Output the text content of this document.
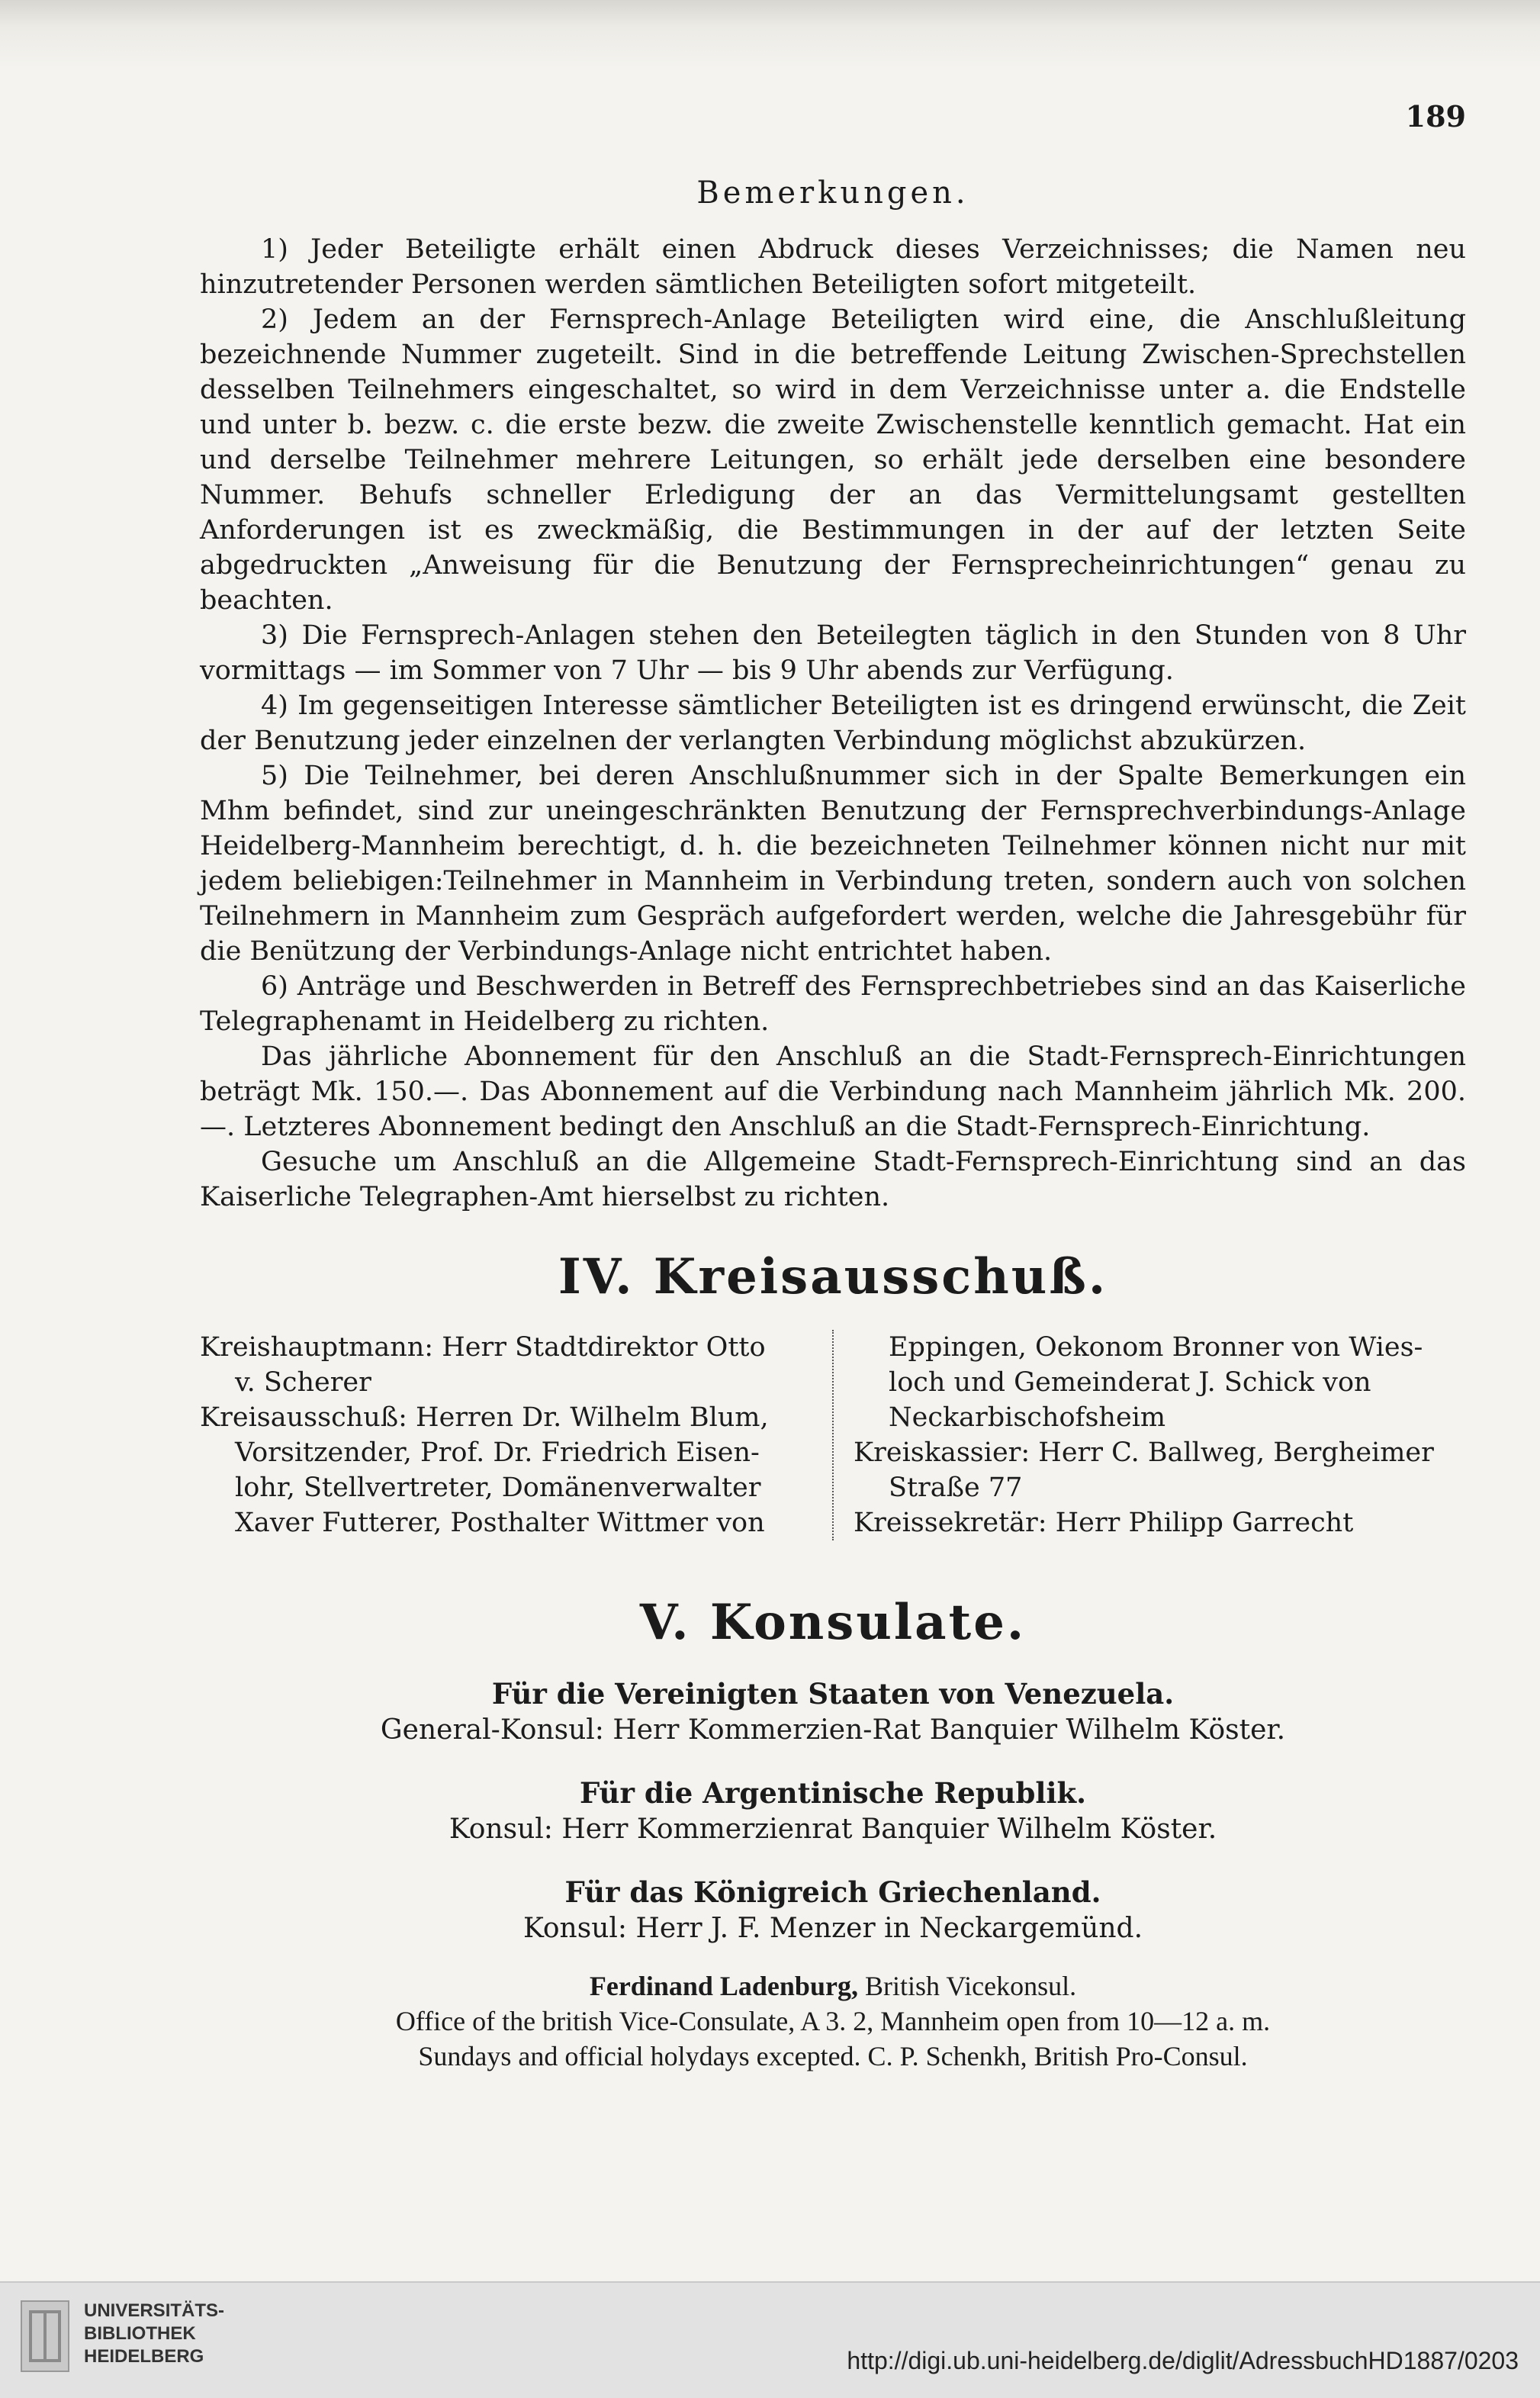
189
Bemerkungen.

1) Jeder Beteiligte erhält einen Abdruck dieses Verzeichnisses; die Namen neu hinzutretender Personen werden sämtlichen Beteiligten sofort mitgeteilt.

2) Jedem an der Fernsprech-Anlage Beteiligten wird eine, die Anschlußleitung bezeichnende Nummer zugeteilt. Sind in die betreffende Leitung Zwischen-Sprechstellen desselben Teilnehmers eingeschaltet, so wird in dem Verzeichnisse unter a. die Endstelle und unter b. bezw. c. die erste bezw. die zweite Zwischenstelle kenntlich gemacht. Hat ein und derselbe Teilnehmer mehrere Leitungen, so erhält jede derselben eine besondere Nummer. Behufs schneller Erledigung der an das Vermittelungsamt gestellten Anforderungen ist es zweckmäßig, die Bestimmungen in der auf der letzten Seite abgedruckten „Anweisung für die Benutzung der Fernsprecheinrichtungen“ genau zu beachten.

3) Die Fernsprech-Anlagen stehen den Beteilegten täglich in den Stunden von 8 Uhr vormittags — im Sommer von 7 Uhr — bis 9 Uhr abends zur Verfügung.

4) Im gegenseitigen Interesse sämtlicher Beteiligten ist es dringend erwünscht, die Zeit der Benutzung jeder einzelnen der verlangten Verbindung möglichst abzukürzen.

5) Die Teilnehmer, bei deren Anschlußnummer sich in der Spalte Bemerkungen ein Mhm befindet, sind zur uneingeschränkten Benutzung der Fernsprechverbindungs-Anlage Heidelberg-Mannheim berechtigt, d. h. die bezeichneten Teilnehmer können nicht nur mit jedem beliebigen:Teilnehmer in Mannheim in Verbindung treten, sondern auch von solchen Teilnehmern in Mannheim zum Gespräch aufgefordert werden, welche die Jahresgebühr für die Benützung der Verbindungs-Anlage nicht entrichtet haben.

6) Anträge und Beschwerden in Betreff des Fernsprechbetriebes sind an das Kaiserliche Telegraphenamt in Heidelberg zu richten.

Das jährliche Abonnement für den Anschluß an die Stadt-Fernsprech-Einrichtungen beträgt Mk. 150.—. Das Abonnement auf die Verbindung nach Mannheim jährlich Mk. 200.—. Letzteres Abonnement bedingt den Anschluß an die Stadt-Fernsprech-Einrichtung.

Gesuche um Anschluß an die Allgemeine Stadt-Fernsprech-Einrichtung sind an das Kaiserliche Telegraphen-Amt hierselbst zu richten.

IV. Kreisausschuß.
Kreishauptmann: Herr Stadtdirektor Otto
v. Scherer
Kreisausschuß: Herren Dr. Wilhelm Blum,
Vorsitzender, Prof. Dr. Friedrich Eisen-
lohr, Stellvertreter, Domänenverwalter
Xaver Futterer, Posthalter Wittmer von
Eppingen, Oekonom Bronner von Wies-
loch und Gemeinderat J. Schick von
Neckarbischofsheim
Kreiskassier: Herr C. Ballweg, Bergheimer
Straße 77
Kreissekretär: Herr Philipp Garrecht
V. Konsulate.
Für die Vereinigten Staaten von Venezuela.
General-Konsul: Herr Kommerzien-Rat Banquier Wilhelm Köster.
Für die Argentinische Republik.
Konsul: Herr Kommerzienrat Banquier Wilhelm Köster.
Für das Königreich Griechenland.
Konsul: Herr J. F. Menzer in Neckargemünd.
Ferdinand Ladenburg, British Vicekonsul.
Office of the british Vice-Consulate, A 3. 2, Mannheim open from 10—12 a. m.
Sundays and official holydays excepted. C. P. Schenkh, British Pro-Consul.
UNIVERSITÄTS-
BIBLIOTHEK
HEIDELBERG	http://digi.ub.uni-heidelberg.de/diglit/AdressbuchHD1887/0203
